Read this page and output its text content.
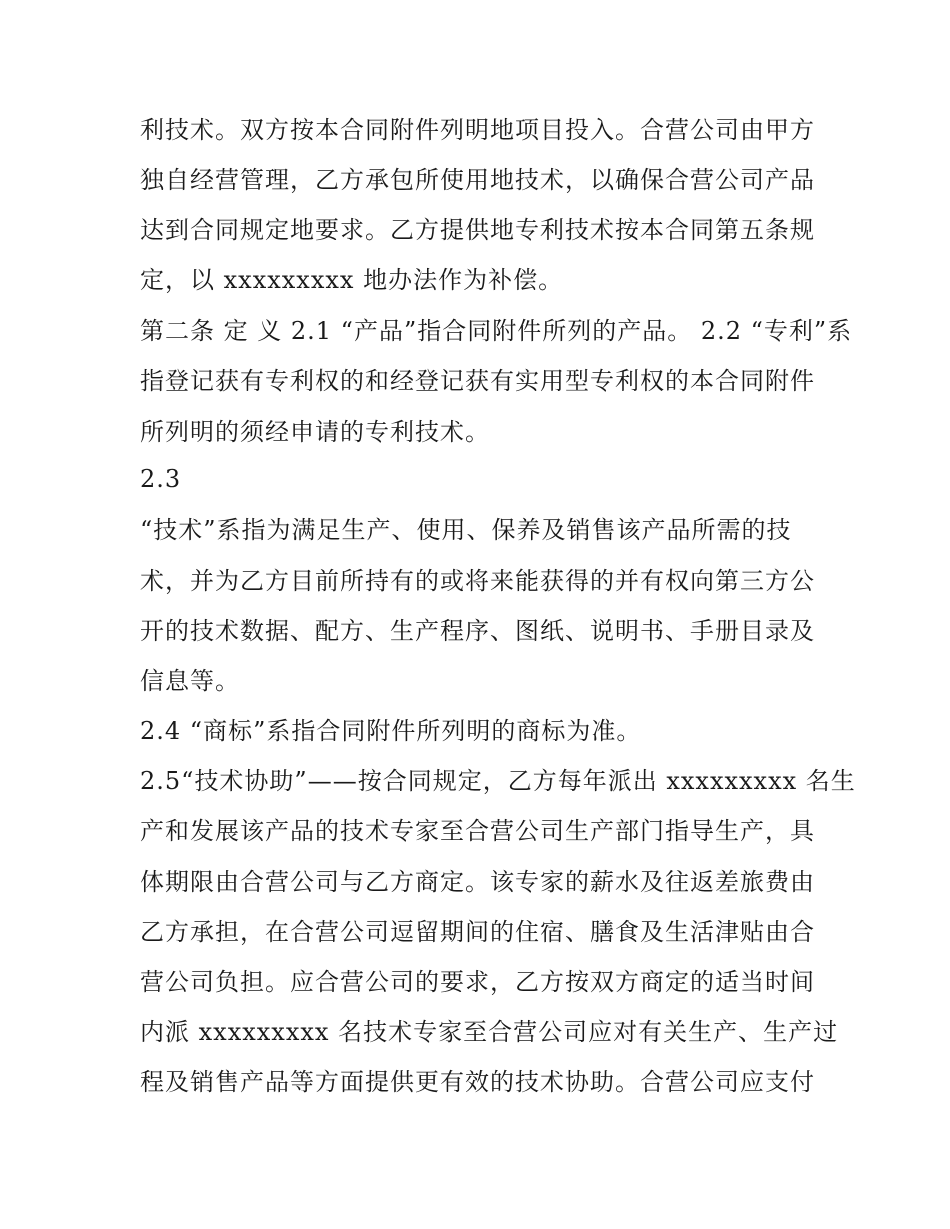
利技术。双方按本合同附件列明地项目投入。合营公司由甲方
独自经营管理，乙方承包所使用地技术，以确保合营公司产品
达到合同规定地要求。乙方提供地专利技术按本合同第五条规
定，以 xxxxxxxxx 地办法作为补偿。
第二条 定 义 2.1 “产品”指合同附件所列的产品。 2.2 “专利”系
指登记获有专利权的和经登记获有实用型专利权的本合同附件
所列明的须经申请的专利技术。
2.3
“技术”系指为满足生产、使用、保养及销售该产品所需的技
术，并为乙方目前所持有的或将来能获得的并有权向第三方公
开的技术数据、配方、生产程序、图纸、说明书、手册目录及
信息等。
2.4 “商标”系指合同附件所列明的商标为准。
2.5“技术协助”——按合同规定，乙方每年派出 xxxxxxxxx 名生
产和发展该产品的技术专家至合营公司生产部门指导生产，具
体期限由合营公司与乙方商定。该专家的薪水及往返差旅费由
乙方承担，在合营公司逗留期间的住宿、膳食及生活津贴由合
营公司负担。应合营公司的要求，乙方按双方商定的适当时间
内派 xxxxxxxxx 名技术专家至合营公司应对有关生产、生产过
程及销售产品等方面提供更有效的技术协助。合营公司应支付
